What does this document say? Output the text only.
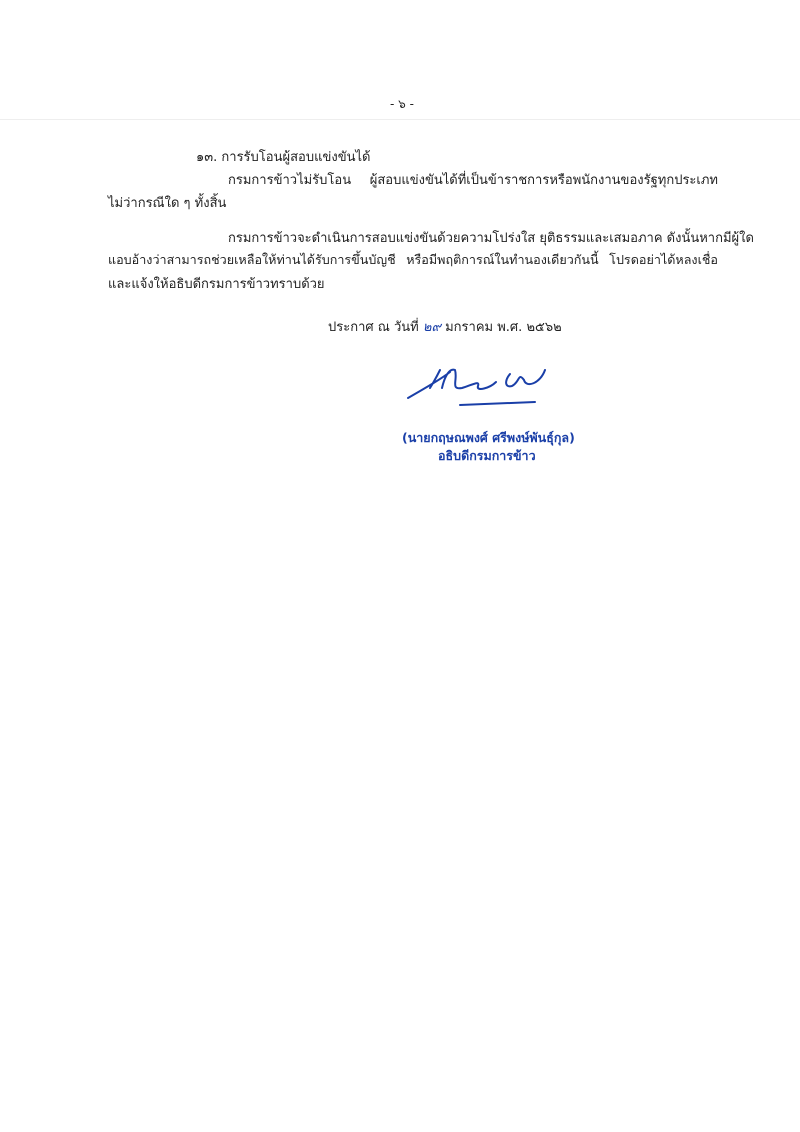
- ๖ -
๑๓. การรับโอนผู้สอบแข่งขันได้
กรมการข้าวไม่รับโอน ผู้สอบแข่งขันได้ที่เป็นข้าราชการหรือพนักงานของรัฐทุกประเภท
ไม่ว่ากรณีใด ๆ ทั้งสิ้น
กรมการข้าวจะดำเนินการสอบแข่งขันด้วยความโปร่งใส ยุติธรรมและเสมอภาค ดังนั้นหากมีผู้ใด
แอบอ้างว่าสามารถช่วยเหลือให้ท่านได้รับการขึ้นบัญชี หรือมีพฤติการณ์ในทำนองเดียวกันนี้ โปรดอย่าได้หลงเชื่อ
และแจ้งให้อธิบดีกรมการข้าวทราบด้วย
ประกาศ ณ วันที่ ๒๙ มกราคม พ.ศ. ๒๕๖๒
(นายกฤษณพงศ์ ศรีพงษ์พันธุ์กุล)
อธิบดีกรมการข้าว
